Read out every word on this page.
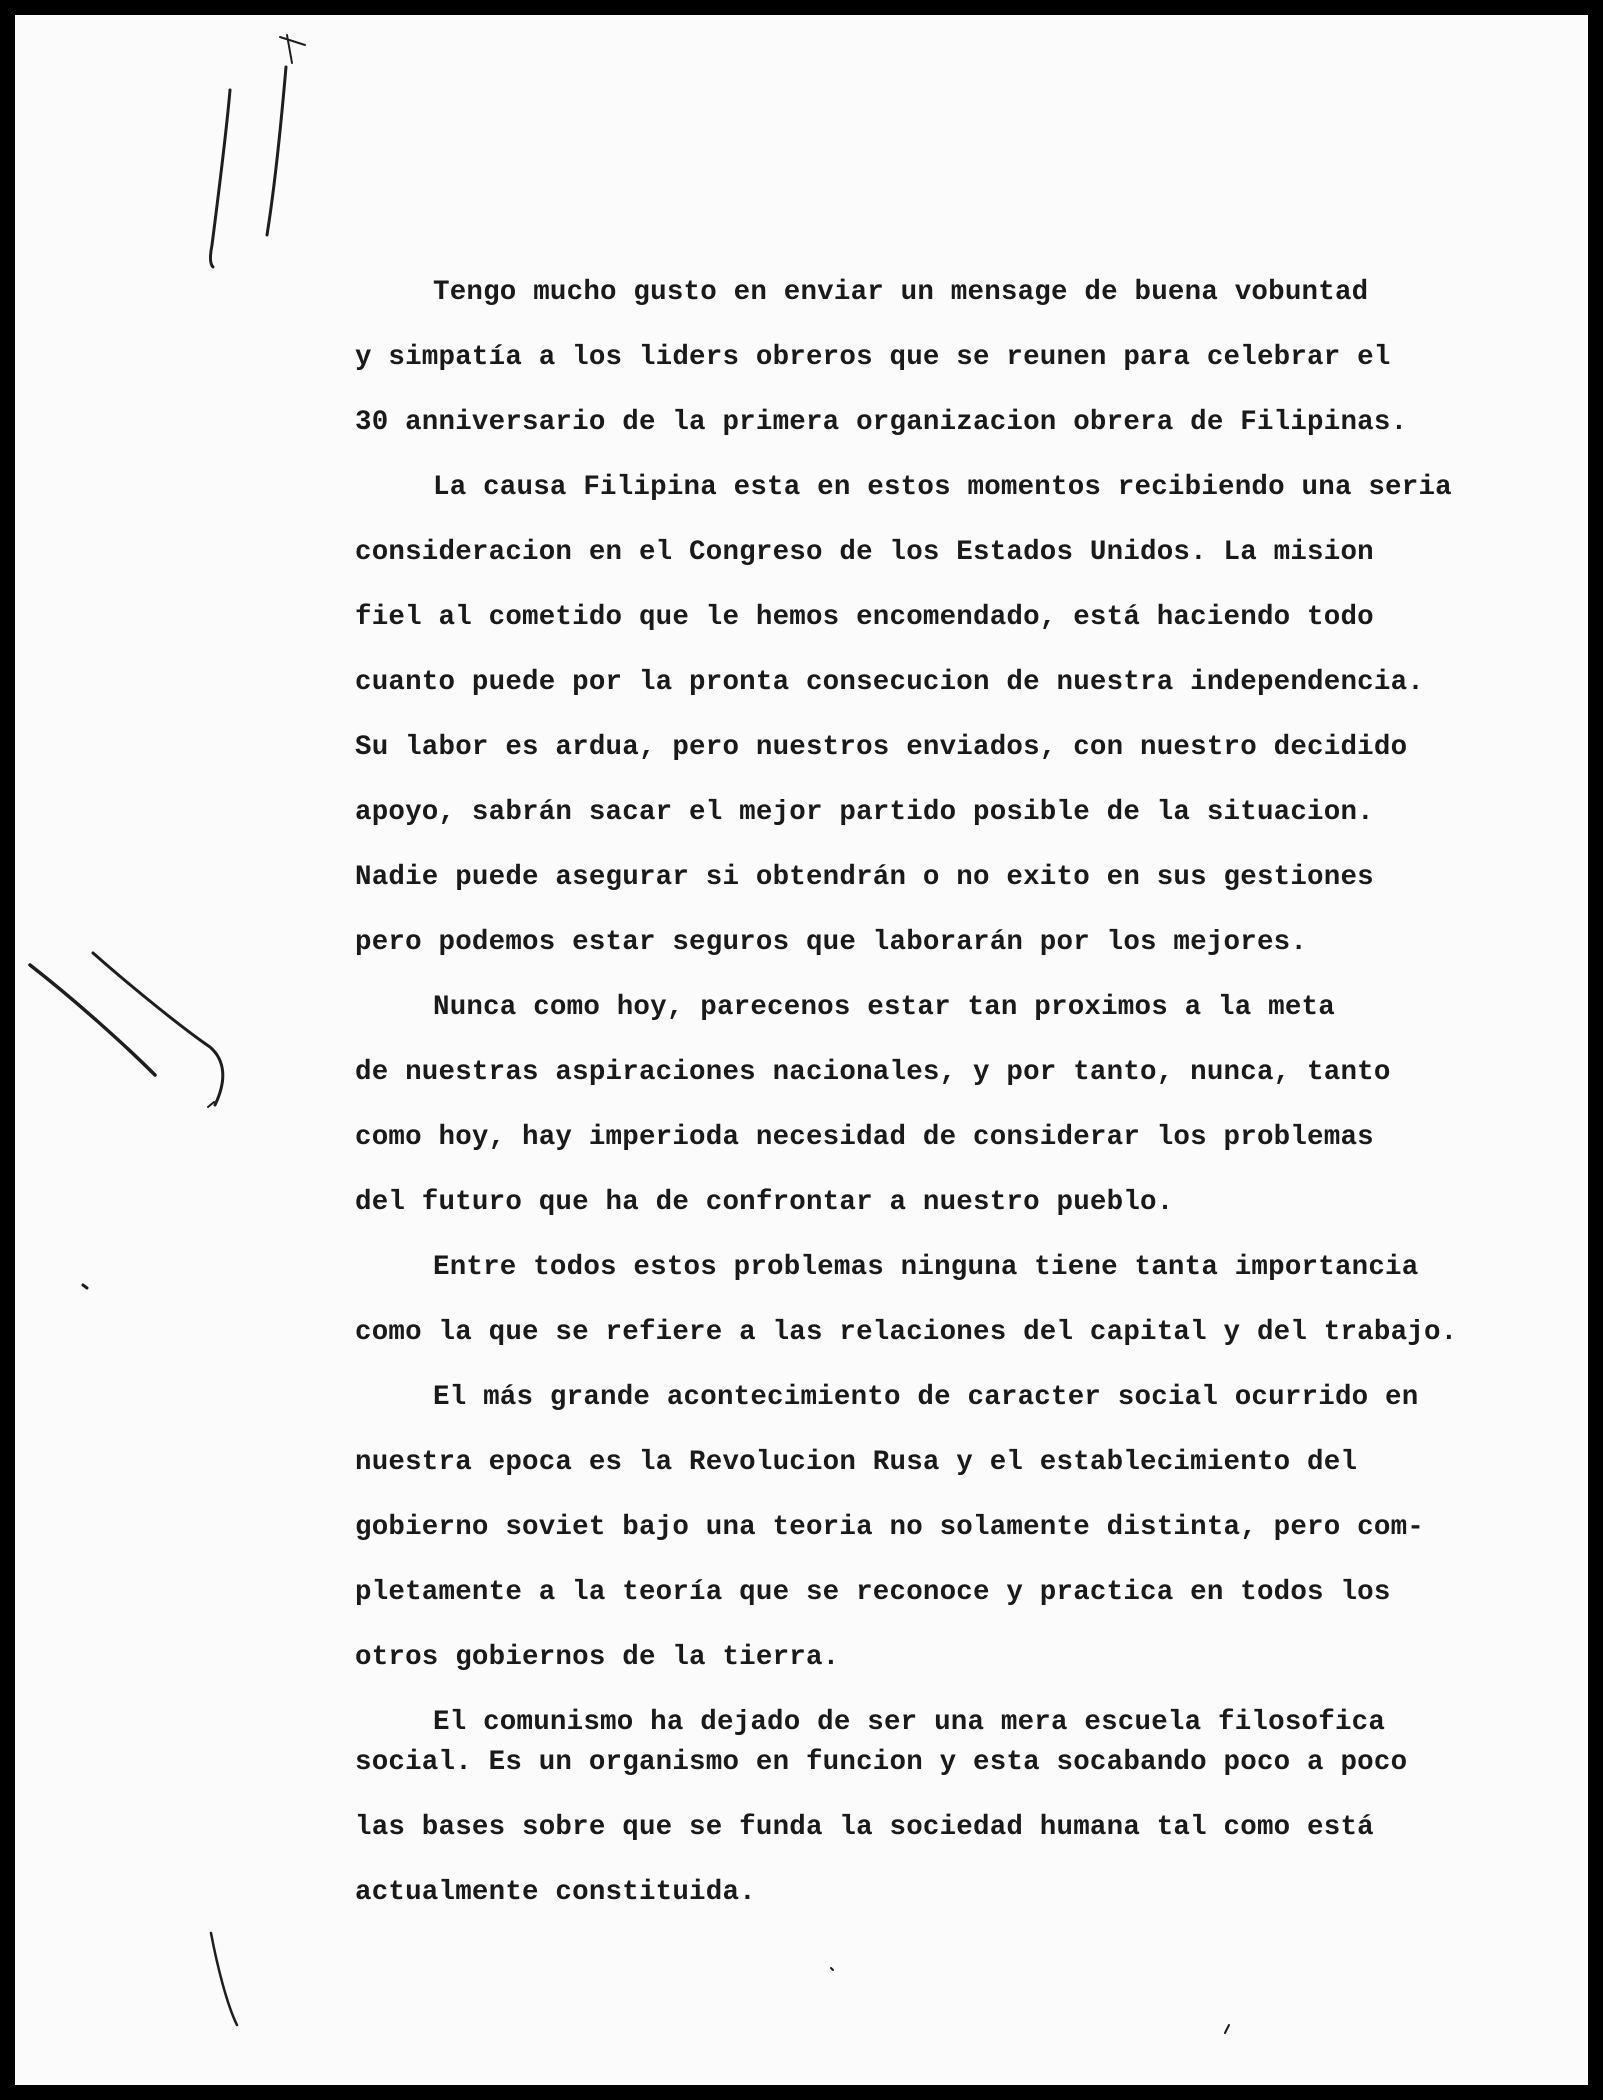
Tengo mucho gusto en enviar un mensage de buena vobuntad

y simpatía a los liders obreros que se reunen para celebrar el

30 anniversario de la primera organizacion obrera de Filipinas.

La causa Filipina esta en estos momentos recibiendo una seria

consideracion en el Congreso de los Estados Unidos. La mision

fiel al cometido que le hemos encomendado, está haciendo todo

cuanto puede por la pronta consecucion de nuestra independencia.

Su labor es ardua, pero nuestros enviados, con nuestro decidido

apoyo, sabrán sacar el mejor partido posible de la situacion.

Nadie puede asegurar si obtendrán o no exito en sus gestiones

pero podemos estar seguros que laborarán por los mejores.

Nunca como hoy, parecenos estar tan proximos a la meta

de nuestras aspiraciones nacionales, y por tanto, nunca, tanto

como hoy, hay imperioda necesidad de considerar los problemas

del futuro que ha de confrontar a nuestro pueblo.

Entre todos estos problemas ninguna tiene tanta importancia

como la que se refiere a las relaciones del capital y del trabajo.

El más grande acontecimiento de caracter social ocurrido en

nuestra epoca es la Revolucion Rusa y el establecimiento del

gobierno soviet bajo una teoria no solamente distinta, pero com-

pletamente a la teoría que se reconoce y practica en todos los

otros gobiernos de la tierra.

El comunismo ha dejado de ser una mera escuela filosofica

social. Es un organismo en funcion y esta socabando poco a poco

las bases sobre que se funda la sociedad humana tal como está

actualmente constituida.
